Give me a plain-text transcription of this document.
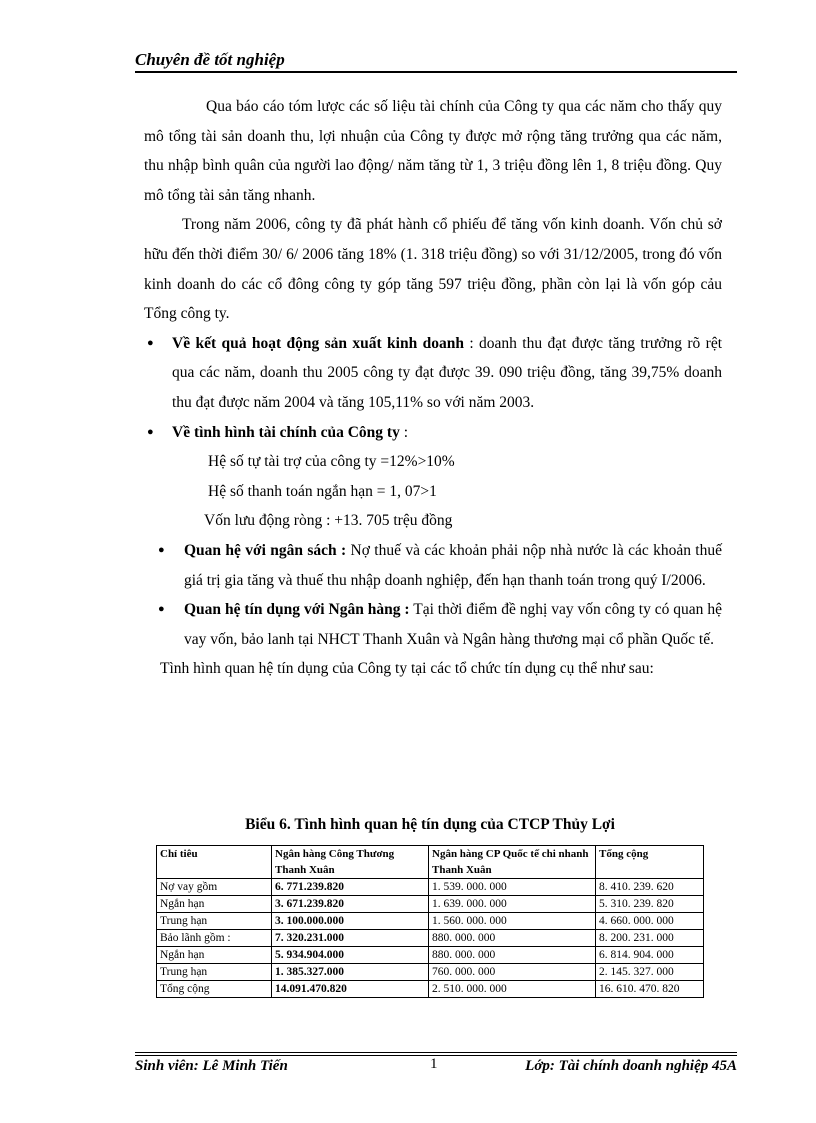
Chuyên đề tốt nghiệp

Qua báo cáo tóm lược các số liệu tài chính của Công ty qua các năm cho thấy quy mô tổng tài sản doanh thu, lợi nhuận của Công ty được mở rộng tăng trưởng qua các năm, thu nhập bình quân của người lao động/ năm tăng từ 1, 3 triệu đồng lên 1, 8 triệu đồng. Quy mô tổng tài sản tăng nhanh.

Trong năm 2006, công ty đã phát hành cổ phiếu để tăng vốn kinh doanh. Vốn chủ sở hữu đến thời điểm 30/ 6/ 2006 tăng 18% (1. 318 triệu đồng) so với 31/12/2005, trong đó vốn kinh doanh do các cổ đông công ty góp tăng 597 triệu đồng, phần còn lại là vốn góp cảu Tổng công ty.

● Về kết quả hoạt động sản xuất kinh doanh : doanh thu đạt được tăng trưởng rõ rệt qua các năm, doanh thu 2005 công ty đạt được 39. 090 triệu đồng, tăng 39,75% doanh thu đạt được năm 2004 và tăng 105,11% so với năm 2003.

● Về tình hình tài chính của Công ty :

Hệ số tự tài trợ của công ty =12%>10%

Hệ số thanh toán ngắn hạn = 1, 07>1

Vốn lưu động ròng : +13. 705 trệu đồng

● Quan hệ với ngân sách : Nợ thuế và các khoản phải nộp nhà nước là các khoản thuế giá trị gia tăng và thuế thu nhập doanh nghiệp, đến hạn thanh toán trong quý I/2006.

● Quan hệ tín dụng với Ngân hàng : Tại thời điểm đề nghị vay vốn công ty có quan hệ vay vốn, bảo lanh tại NHCT Thanh Xuân và Ngân hàng thương mại cổ phần Quốc tế.

Tình hình quan hệ tín dụng của Công ty tại các tổ chức tín dụng cụ thể như sau:

Biểu 6. Tình hình quan hệ tín dụng của CTCP Thủy Lợi
Chỉ tiêu	Ngân hàng Công Thương Thanh Xuân	Ngân hàng CP Quốc tế chi nhanh Thanh Xuân	Tổng cộng
Nợ vay gồm	6. 771.239.820	1. 539. 000. 000	8. 410. 239. 620
Ngắn hạn	3. 671.239.820	1. 639. 000. 000	5. 310. 239. 820
Trung hạn	3. 100.000.000	1. 560. 000. 000	4. 660. 000. 000
Bảo lãnh gồm :	7. 320.231.000	880. 000. 000	8. 200. 231. 000
Ngắn hạn	5. 934.904.000	880. 000. 000	6. 814. 904. 000
Trung hạn	1. 385.327.000	760. 000. 000	2. 145. 327. 000
Tổng cộng	14.091.470.820	2. 510. 000. 000	16. 610. 470. 820
Sinh viên: Lê Minh Tiến	1	Lớp: Tài chính doanh nghiệp 45A
